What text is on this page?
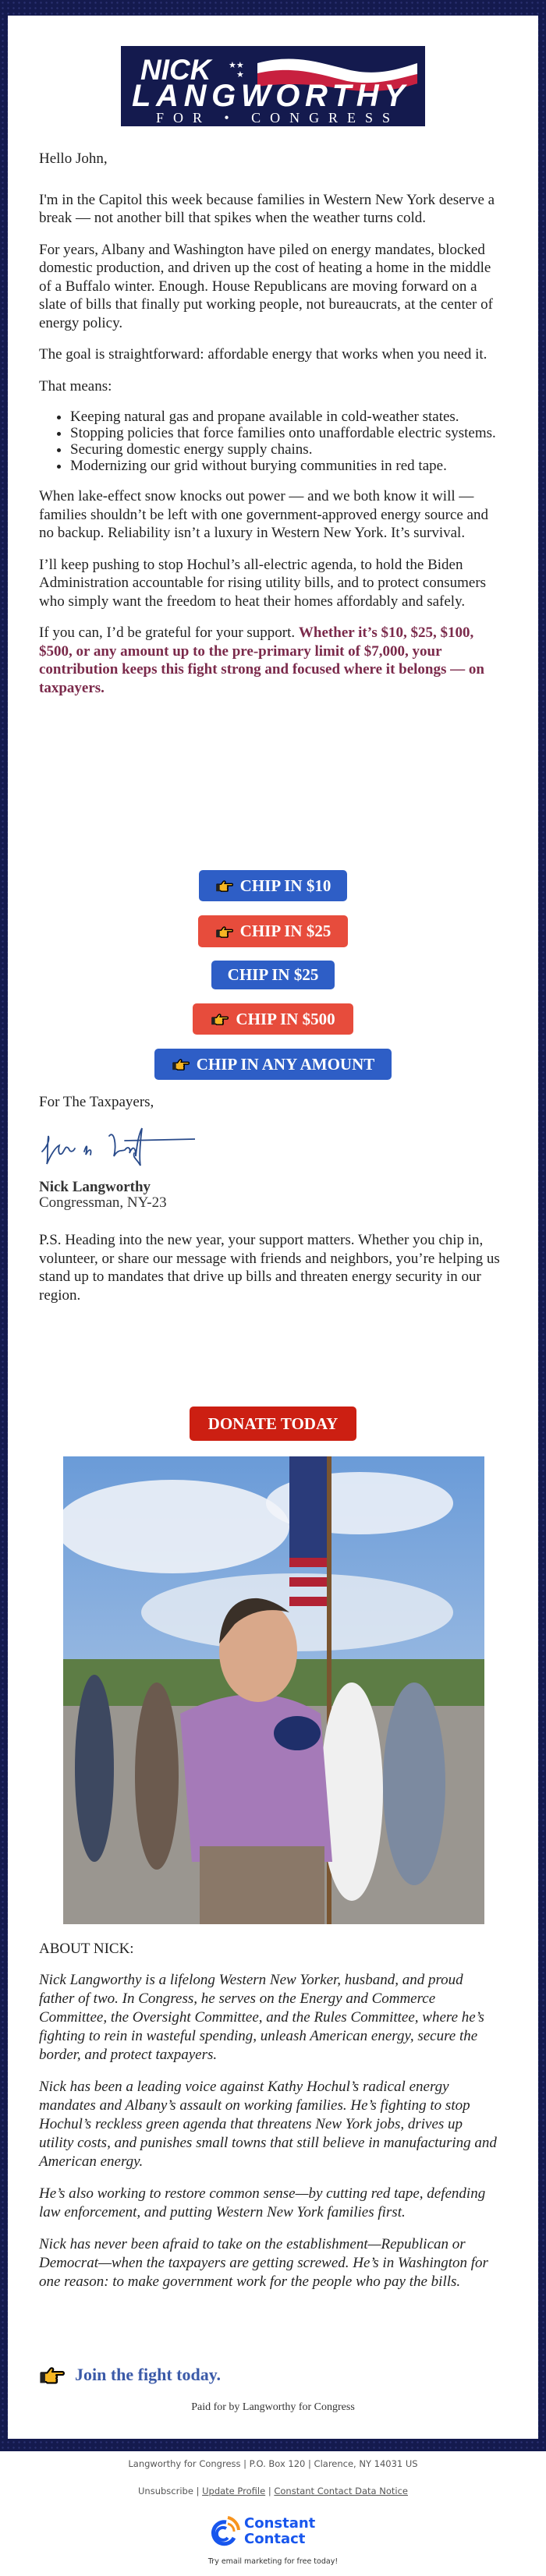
★★
★
NICK
LANGWORTHY
FOR • CONGRESS

Hello John,

I'm in the Capitol this week because families in Western New York deserve a break — not another bill that spikes when the weather turns cold.

For years, Albany and Washington have piled on energy mandates, blocked domestic production, and driven up the cost of heating a home in the middle of a Buffalo winter. Enough. House Republicans are moving forward on a slate of bills that finally put working people, not bureaucrats, at the center of energy policy.

The goal is straightforward: affordable energy that works when you need it.

That means:

• Keeping natural gas and propane available in cold-weather states.
• Stopping policies that force families onto unaffordable electric systems.
• Securing domestic energy supply chains.
• Modernizing our grid without burying communities in red tape.

When lake-effect snow knocks out power — and we both know it will — families shouldn’t be left with one government-approved energy source and no backup. Reliability isn’t a luxury in Western New York. It’s survival.

I’ll keep pushing to stop Hochul’s all-electric agenda, to hold the Biden Administration accountable for rising utility bills, and to protect consumers who simply want the freedom to heat their homes affordably and safely.

If you can, I’d be grateful for your support. Whether it’s $10, $25, $100, $500, or any amount up to the pre-primary limit of $7,000, your contribution keeps this fight strong and focused where it belongs — on taxpayers.

CHIP IN $10
CHIP IN $25
CHIP IN $25
CHIP IN $500
CHIP IN ANY AMOUNT
For The Taxpayers,
Nick Langworthy
Congressman, NY-23
P.S. Heading into the new year, your support matters. Whether you chip in, volunteer, or share our message with friends and neighbors, you’re helping us stand up to mandates that drive up bills and threaten energy security in our region.
DONATE TODAY
ABOUT NICK:

Nick Langworthy is a lifelong Western New Yorker, husband, and proud father of two. In Congress, he serves on the Energy and Commerce Committee, the Oversight Committee, and the Rules Committee, where he’s fighting to rein in wasteful spending, unleash American energy, secure the border, and protect taxpayers.

Nick has been a leading voice against Kathy Hochul’s radical energy mandates and Albany’s assault on working families. He’s fighting to stop Hochul’s reckless green agenda that threatens New York jobs, drives up utility costs, and punishes small towns that still believe in manufacturing and American energy.

He’s also working to restore common sense—by cutting red tape, defending law enforcement, and putting Western New York families first.

Nick has never been afraid to take on the establishment—Republican or Democrat—when the taxpayers are getting screwed. He’s in Washington for one reason: to make government work for the people who pay the bills.

Join the fight today.
Paid for by Langworthy for Congress
Langworthy for Congress | P.O. Box 120 | Clarence, NY 14031 US
Unsubscribe | Update Profile | Constant Contact Data Notice
Constant
Contact
Try email marketing for free today!
